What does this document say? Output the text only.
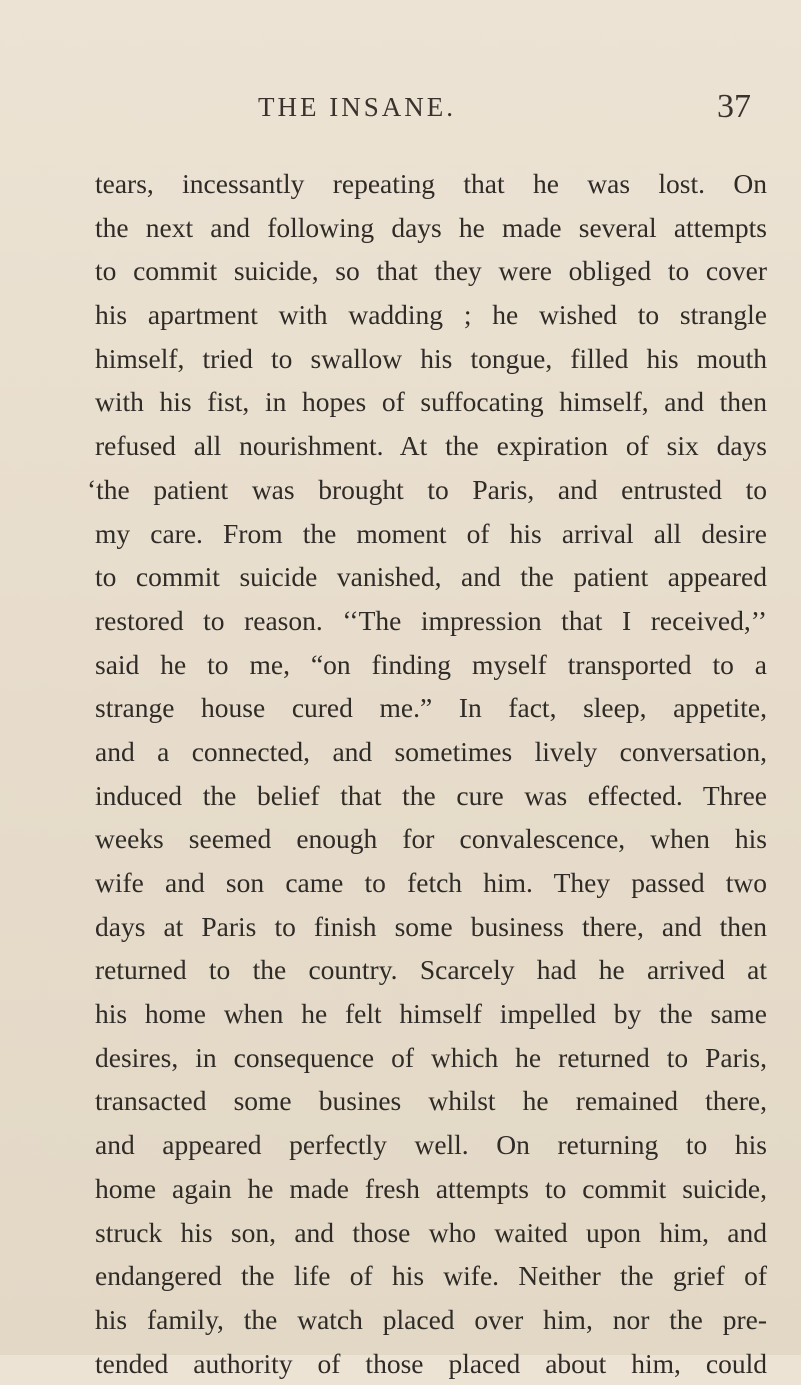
THE INSANE.	37
tears, incessantly repeating that he was lost. On
the next and following days he made several attempts
to commit suicide, so that they were obliged to cover
his apartment with wadding ; he wished to strangle
himself, tried to swallow his tongue, filled his mouth
with his fist, in hopes of suffocating himself, and then
refused all nourishment. At the expiration of six days
‘the patient was brought to Paris, and entrusted to
my care. From the moment of his arrival all desire
to commit suicide vanished, and the patient appeared
restored to reason. ‘‘The impression that I received,’’
said he to me, “on finding myself transported to a
strange house cured me.” In fact, sleep, appetite,
and a connected, and sometimes lively conversation,
induced the belief that the cure was effected. Three
weeks seemed enough for convalescence, when his
wife and son came to fetch him. They passed two
days at Paris to finish some business there, and then
returned to the country. Scarcely had he arrived at
his home when he felt himself impelled by the same
desires, in consequence of which he returned to Paris,
transacted some busines whilst he remained there,
and appeared perfectly well. On returning to his
home again he made fresh attempts to commit suicide,
struck his son, and those who waited upon him, and
endangered the life of his wife. Neither the grief of
his family, the watch placed over him, nor the pre-
tended authority of those placed about him, could
